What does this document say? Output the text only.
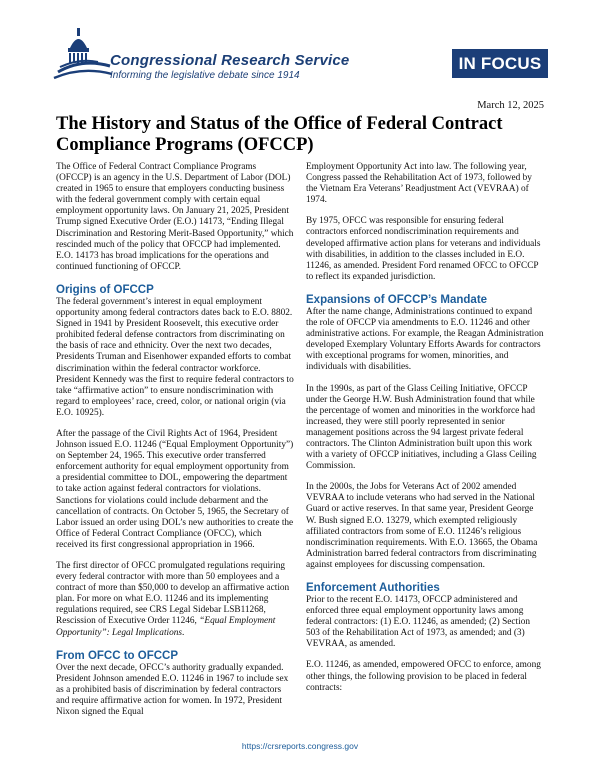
Congressional Research Service
Informing the legislative debate since 1914
IN FOCUS
March 12, 2025
The History and Status of the Office of Federal Contract Compliance Programs (OFCCP)

The Office of Federal Contract Compliance Programs (OFCCP) is an agency in the U.S. Department of Labor (DOL) created in 1965 to ensure that employers conducting business with the federal government comply with certain equal employment opportunity laws. On January 21, 2025, President Trump signed Executive Order (E.O.) 14173, “Ending Illegal Discrimination and Restoring Merit-Based Opportunity,” which rescinded much of the policy that OFCCP had implemented. E.O. 14173 has broad implications for the operations and continued functioning of OFCCP.

Origins of OFCCP

The federal government’s interest in equal employment opportunity among federal contractors dates back to E.O. 8802. Signed in 1941 by President Roosevelt, this executive order prohibited federal defense contractors from discriminating on the basis of race and ethnicity. Over the next two decades, Presidents Truman and Eisenhower expanded efforts to combat discrimination within the federal contractor workforce. President Kennedy was the first to require federal contractors to take “affirmative action” to ensure nondiscrimination with regard to employees’ race, creed, color, or national origin (via E.O. 10925).

After the passage of the Civil Rights Act of 1964, President Johnson issued E.O. 11246 (“Equal Employment Opportunity”) on September 24, 1965. This executive order transferred enforcement authority for equal employment opportunity from a presidential committee to DOL, empowering the department to take action against federal contractors for violations. Sanctions for violations could include debarment and the cancellation of contracts. On October 5, 1965, the Secretary of Labor issued an order using DOL’s new authorities to create the Office of Federal Contract Compliance (OFCC), which received its first congressional appropriation in 1966.

The first director of OFCC promulgated regulations requiring every federal contractor with more than 50 employees and a contract of more than $50,000 to develop an affirmative action plan. For more on what E.O. 11246 and its implementing regulations required, see CRS Legal Sidebar LSB11268, Rescission of Executive Order 11246, “Equal Employment Opportunity”: Legal Implications.

From OFCC to OFCCP

Over the next decade, OFCC’s authority gradually expanded. President Johnson amended E.O. 11246 in 1967 to include sex as a prohibited basis of discrimination by federal contractors and require affirmative action for women. In 1972, President Nixon signed the Equal

Employment Opportunity Act into law. The following year, Congress passed the Rehabilitation Act of 1973, followed by the Vietnam Era Veterans’ Readjustment Act (VEVRAA) of 1974.

By 1975, OFCC was responsible for ensuring federal contractors enforced nondiscrimination requirements and developed affirmative action plans for veterans and individuals with disabilities, in addition to the classes included in E.O. 11246, as amended. President Ford renamed OFCC to OFCCP to reflect its expanded jurisdiction.

Expansions of OFCCP’s Mandate

After the name change, Administrations continued to expand the role of OFCCP via amendments to E.O. 11246 and other administrative actions. For example, the Reagan Administration developed Exemplary Voluntary Efforts Awards for contractors with exceptional programs for women, minorities, and individuals with disabilities.

In the 1990s, as part of the Glass Ceiling Initiative, OFCCP under the George H.W. Bush Administration found that while the percentage of women and minorities in the workforce had increased, they were still poorly represented in senior management positions across the 94 largest private federal contractors. The Clinton Administration built upon this work with a variety of OFCCP initiatives, including a Glass Ceiling Commission.

In the 2000s, the Jobs for Veterans Act of 2002 amended VEVRAA to include veterans who had served in the National Guard or active reserves. In that same year, President George W. Bush signed E.O. 13279, which exempted religiously affiliated contractors from some of E.O. 11246’s religious nondiscrimination requirements. With E.O. 13665, the Obama Administration barred federal contractors from discriminating against employees for discussing compensation.

Enforcement Authorities

Prior to the recent E.O. 14173, OFCCP administered and enforced three equal employment opportunity laws among federal contractors: (1) E.O. 11246, as amended; (2) Section 503 of the Rehabilitation Act of 1973, as amended; and (3) VEVRAA, as amended.

E.O. 11246, as amended, empowered OFCC to enforce, among other things, the following provision to be placed in federal contracts:

https://crsreports.congress.gov
